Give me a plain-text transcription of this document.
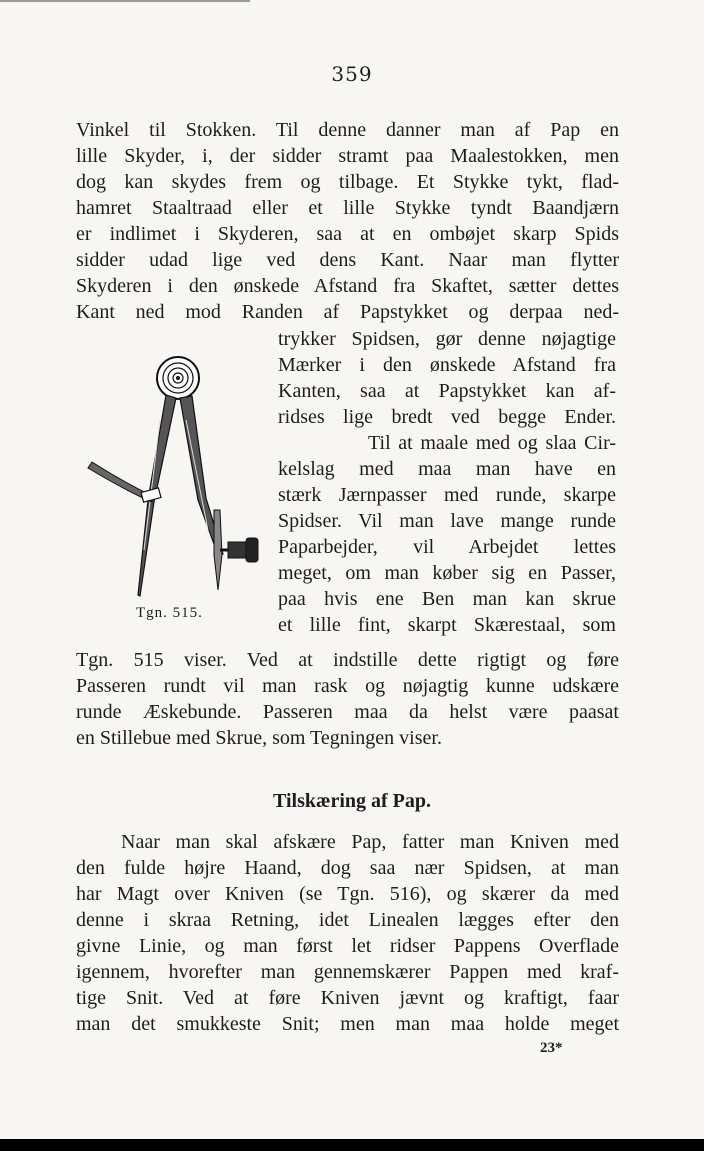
359
Vinkel til Stokken. Til denne danner man af Pap en
lille Skyder, i, der sidder stramt paa Maalestokken, men
dog kan skydes frem og tilbage. Et Stykke tykt, flad-
hamret Staaltraad eller et lille Stykke tyndt Baandjærn
er indlimet i Skyderen, saa at en ombøjet skarp Spids
sidder udad lige ved dens Kant. Naar man flytter
Skyderen i den ønskede Afstand fra Skaftet, sætter dettes
Kant ned mod Randen af Papstykket og derpaa ned-
Tgn. 515.
trykker Spidsen, gør denne nøjagtige
Mærker i den ønskede Afstand fra
Kanten, saa at Papstykket kan af-
ridses lige bredt ved begge Ender.
Til at maale med og slaa Cir-
kelslag med maa man have en
stærk Jærnpasser med runde, skarpe
Spidser. Vil man lave mange runde
Paparbejder, vil Arbejdet lettes
meget, om man køber sig en Passer,
paa hvis ene Ben man kan skrue
et lille fint, skarpt Skærestaal, som
Tgn. 515 viser. Ved at indstille dette rigtigt og føre
Passeren rundt vil man rask og nøjagtig kunne udskære
runde Æskebunde. Passeren maa da helst være paasat
en Stillebue med Skrue, som Tegningen viser.
Tilskæring af Pap.
Naar man skal afskære Pap, fatter man Kniven med
den fulde højre Haand, dog saa nær Spidsen, at man
har Magt over Kniven (se Tgn. 516), og skærer da med
denne i skraa Retning, idet Linealen lægges efter den
givne Linie, og man først let ridser Pappens Overflade
igennem, hvorefter man gennemskærer Pappen med kraf-
tige Snit. Ved at føre Kniven jævnt og kraftigt, faar
man det smukkeste Snit; men man maa holde meget
23*
